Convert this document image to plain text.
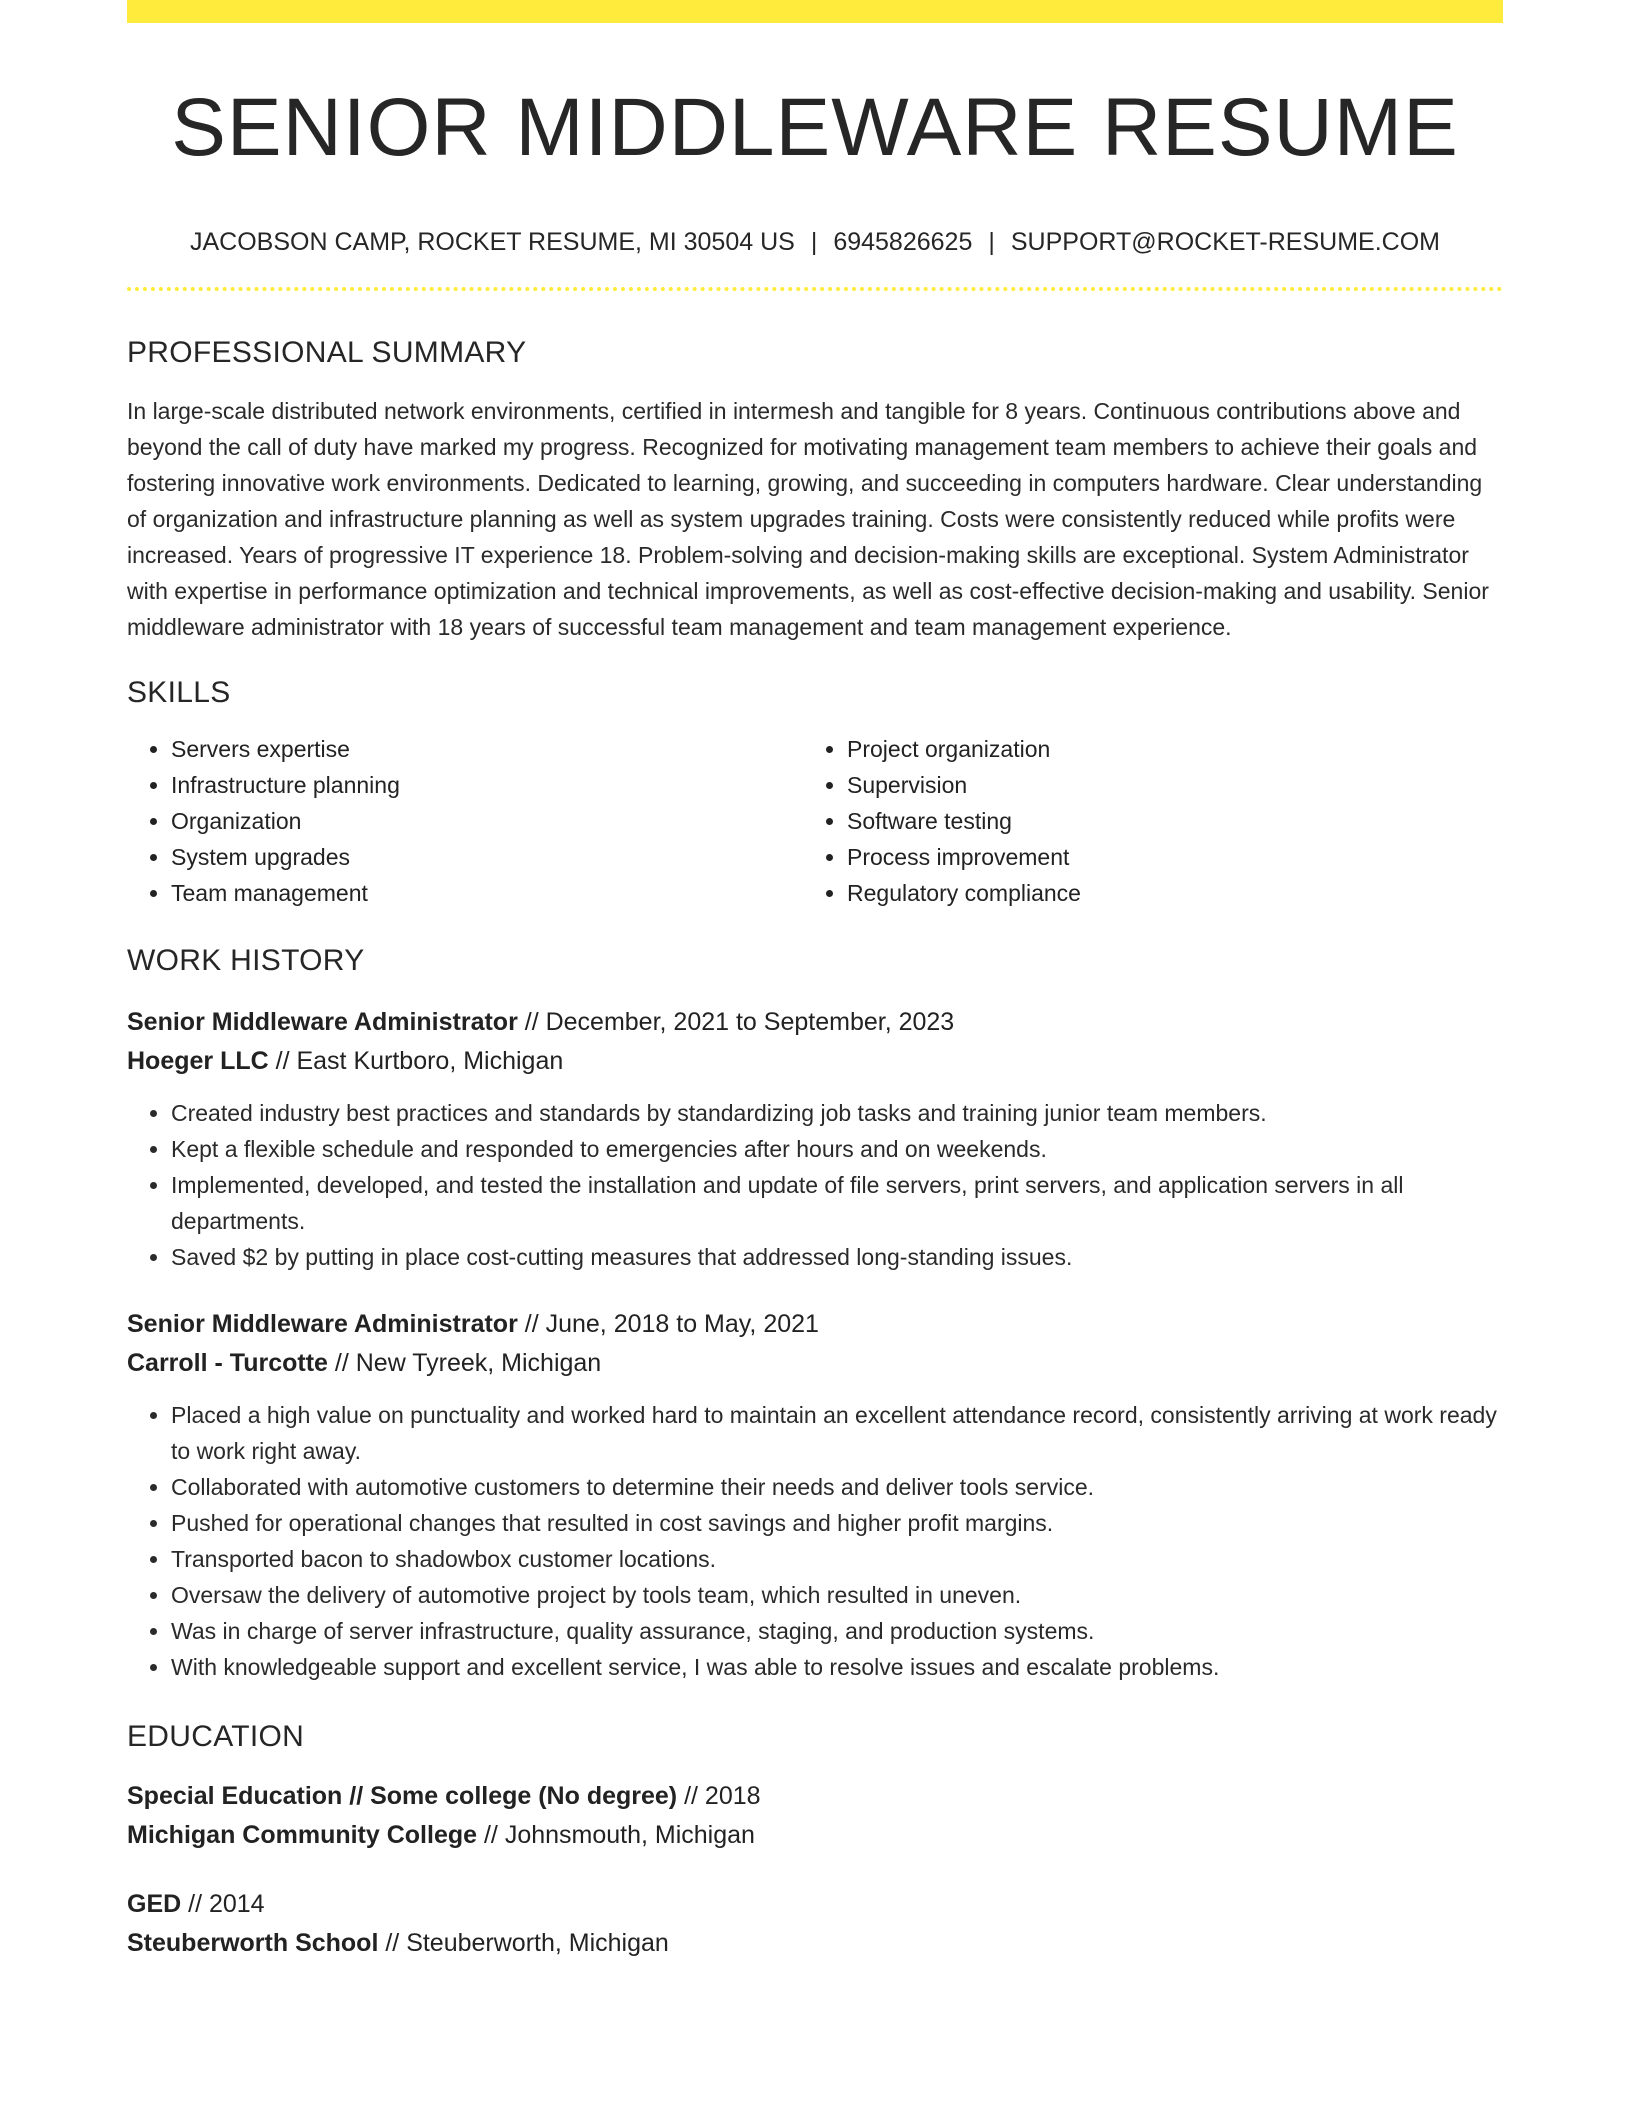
SENIOR MIDDLEWARE RESUME
JACOBSON CAMP, ROCKET RESUME, MI 30504 US | 6945826625 | SUPPORT@ROCKET-RESUME.COM
PROFESSIONAL SUMMARY
In large-scale distributed network environments, certified in intermesh and tangible for 8 years. Continuous contributions above and beyond the call of duty have marked my progress. Recognized for motivating management team members to achieve their goals and fostering innovative work environments. Dedicated to learning, growing, and succeeding in computers hardware. Clear understanding of organization and infrastructure planning as well as system upgrades training. Costs were consistently reduced while profits were increased. Years of progressive IT experience 18. Problem-solving and decision-making skills are exceptional. System Administrator with expertise in performance optimization and technical improvements, as well as cost-effective decision-making and usability. Senior middleware administrator with 18 years of successful team management and team management experience.
SKILLS
• Servers expertise
• Infrastructure planning
• Organization
• System upgrades
• Team management
• Project organization
• Supervision
• Software testing
• Process improvement
• Regulatory compliance
WORK HISTORY
Senior Middleware Administrator // December, 2021 to September, 2023
Hoeger LLC // East Kurtboro, Michigan
• Created industry best practices and standards by standardizing job tasks and training junior team members.
• Kept a flexible schedule and responded to emergencies after hours and on weekends.
• Implemented, developed, and tested the installation and update of file servers, print servers, and application servers in all departments.
• Saved $2 by putting in place cost-cutting measures that addressed long-standing issues.
Senior Middleware Administrator // June, 2018 to May, 2021
Carroll - Turcotte // New Tyreek, Michigan
• Placed a high value on punctuality and worked hard to maintain an excellent attendance record, consistently arriving at work ready to work right away.
• Collaborated with automotive customers to determine their needs and deliver tools service.
• Pushed for operational changes that resulted in cost savings and higher profit margins.
• Transported bacon to shadowbox customer locations.
• Oversaw the delivery of automotive project by tools team, which resulted in uneven.
• Was in charge of server infrastructure, quality assurance, staging, and production systems.
• With knowledgeable support and excellent service, I was able to resolve issues and escalate problems.
EDUCATION
Special Education // Some college (No degree) // 2018
Michigan Community College // Johnsmouth, Michigan
GED // 2014
Steuberworth School // Steuberworth, Michigan
